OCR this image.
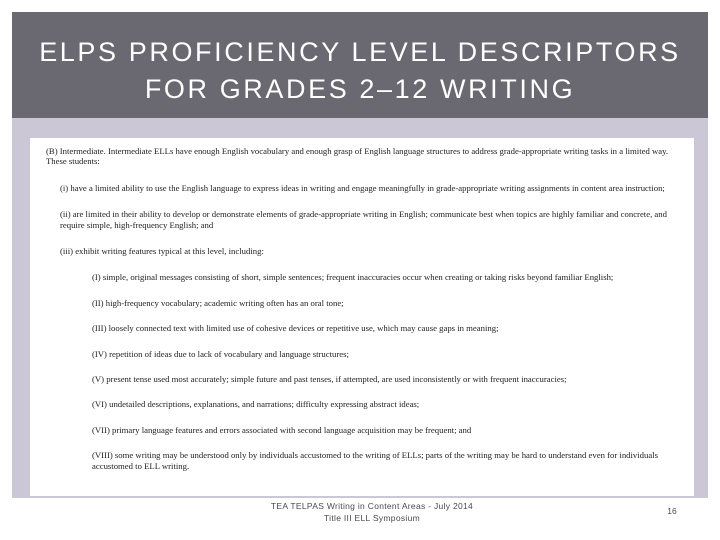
ELPS PROFICIENCY LEVEL DESCRIPTORS
FOR GRADES 2–12 WRITING

(B) Intermediate. Intermediate ELLs have enough English vocabulary and enough grasp of English language structures to address grade-appropriate writing tasks in a limited way. These students:

(i) have a limited ability to use the English language to express ideas in writing and engage meaningfully in grade-appropriate writing assignments in content area instruction;

(ii) are limited in their ability to develop or demonstrate elements of grade-appropriate writing in English; communicate best when topics are highly familiar and concrete, and require simple, high-frequency English; and

(iii) exhibit writing features typical at this level, including:

(I) simple, original messages consisting of short, simple sentences; frequent inaccuracies occur when creating or taking risks beyond familiar English;

(II) high-frequency vocabulary; academic writing often has an oral tone;

(III) loosely connected text with limited use of cohesive devices or repetitive use, which may cause gaps in meaning;

(IV) repetition of ideas due to lack of vocabulary and language structures;

(V) present tense used most accurately; simple future and past tenses, if attempted, are used inconsistently or with frequent inaccuracies;

(VI) undetailed descriptions, explanations, and narrations; difficulty expressing abstract ideas;

(VII) primary language features and errors associated with second language acquisition may be frequent; and

(VIII) some writing may be understood only by individuals accustomed to the writing of ELLs; parts of the writing may be hard to understand even for individuals accustomed to ELL writing.

TEA TELPAS Writing in Content Areas - July 2014
Title III ELL Symposium
16
